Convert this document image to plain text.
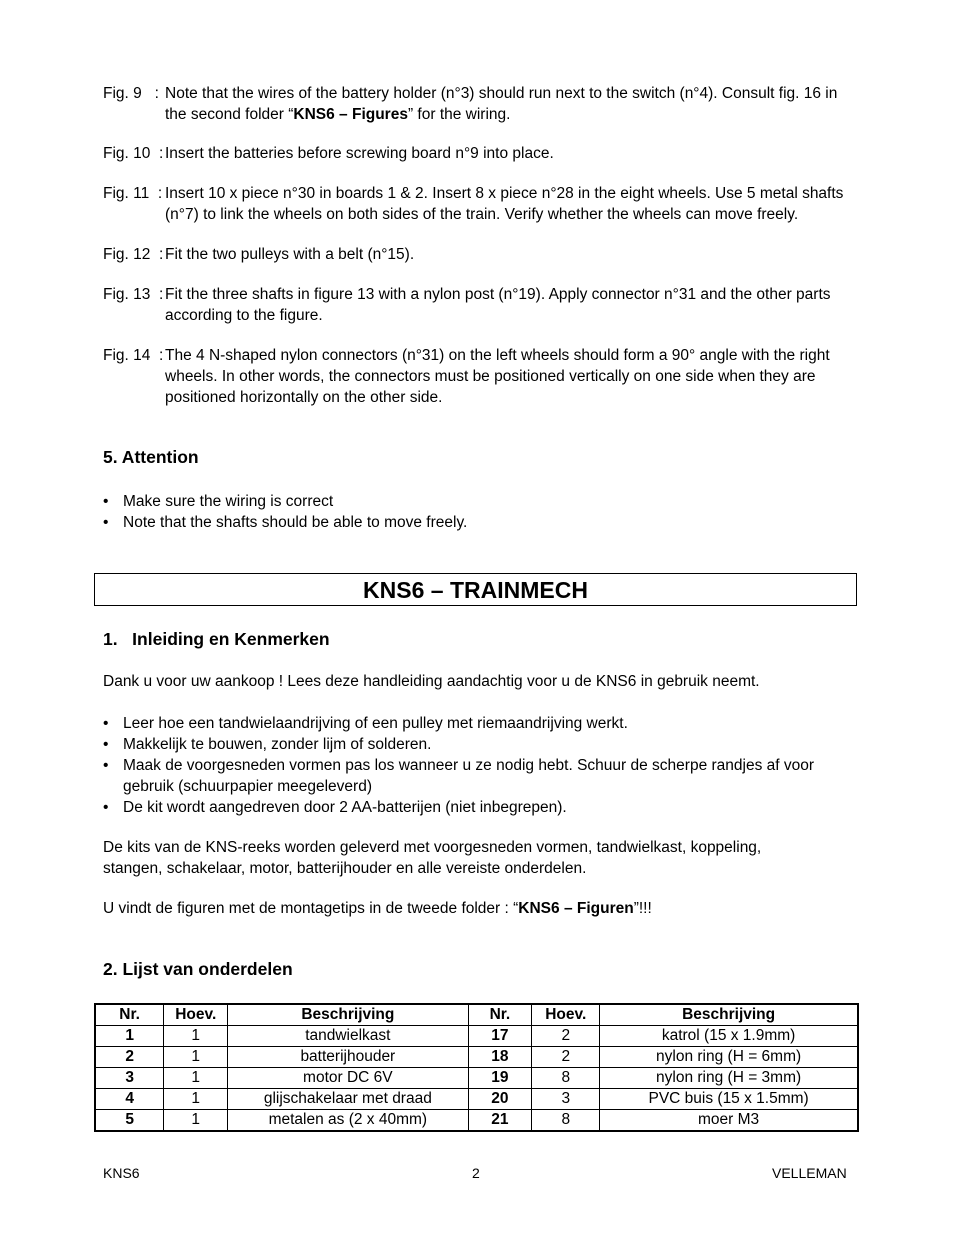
Fig. 9   : Note that the wires of the battery holder (n°3) should run next to the switch (n°4). Consult fig. 16 in the second folder “KNS6 – Figures” for the wiring.
Fig. 10  : Insert the batteries before screwing board n°9 into place.
Fig. 11  : Insert 10 x piece n°30 in boards 1 & 2. Insert 8 x piece n°28 in the eight wheels. Use 5 metal shafts (n°7) to link the wheels on both sides of the train. Verify whether the wheels can move freely.
Fig. 12  : Fit the two pulleys with a belt (n°15).
Fig. 13  : Fit the three shafts in figure 13 with a nylon post (n°19). Apply connector n°31 and the other parts according to the figure.
Fig. 14  : The 4 N-shaped nylon connectors (n°31) on the left wheels should form a 90° angle with the right wheels. In other words, the connectors must be positioned vertically on one side when they are positioned horizontally on the other side.
5. Attention
• Make sure the wiring is correct
• Note that the shafts should be able to move freely.
KNS6 – TRAINMECH
1.   Inleiding en Kenmerken
Dank u voor uw aankoop ! Lees deze handleiding aandachtig voor u de KNS6 in gebruik neemt.
• Leer hoe een tandwielaandrijving of een pulley met riemaandrijving werkt.
• Makkelijk te bouwen, zonder lijm of solderen.
• Maak de voorgesneden vormen pas los wanneer u ze nodig hebt. Schuur de scherpe randjes af voor gebruik (schuurpapier meegeleverd)
• De kit wordt aangedreven door 2 AA-batterijen (niet inbegrepen).
De kits van de KNS-reeks worden geleverd met voorgesneden vormen, tandwielkast, koppeling, stangen, schakelaar, motor, batterijhouder en alle vereiste onderdelen.
U vindt de figuren met de montagetips in de tweede folder : “KNS6 – Figuren”!!!
2. Lijst van onderdelen
Nr.	Hoev.	Beschrijving	Nr.	Hoev.	Beschrijving
1	1	tandwielkast	17	2	katrol (15 x 1.9mm)
2	1	batterijhouder	18	2	nylon ring (H = 6mm)
3	1	motor DC 6V	19	8	nylon ring (H = 3mm)
4	1	glijschakelaar met draad	20	3	PVC buis (15 x 1.5mm)
5	1	metalen as (2 x 40mm)	21	8	moer M3
KNS6	2	VELLEMAN
